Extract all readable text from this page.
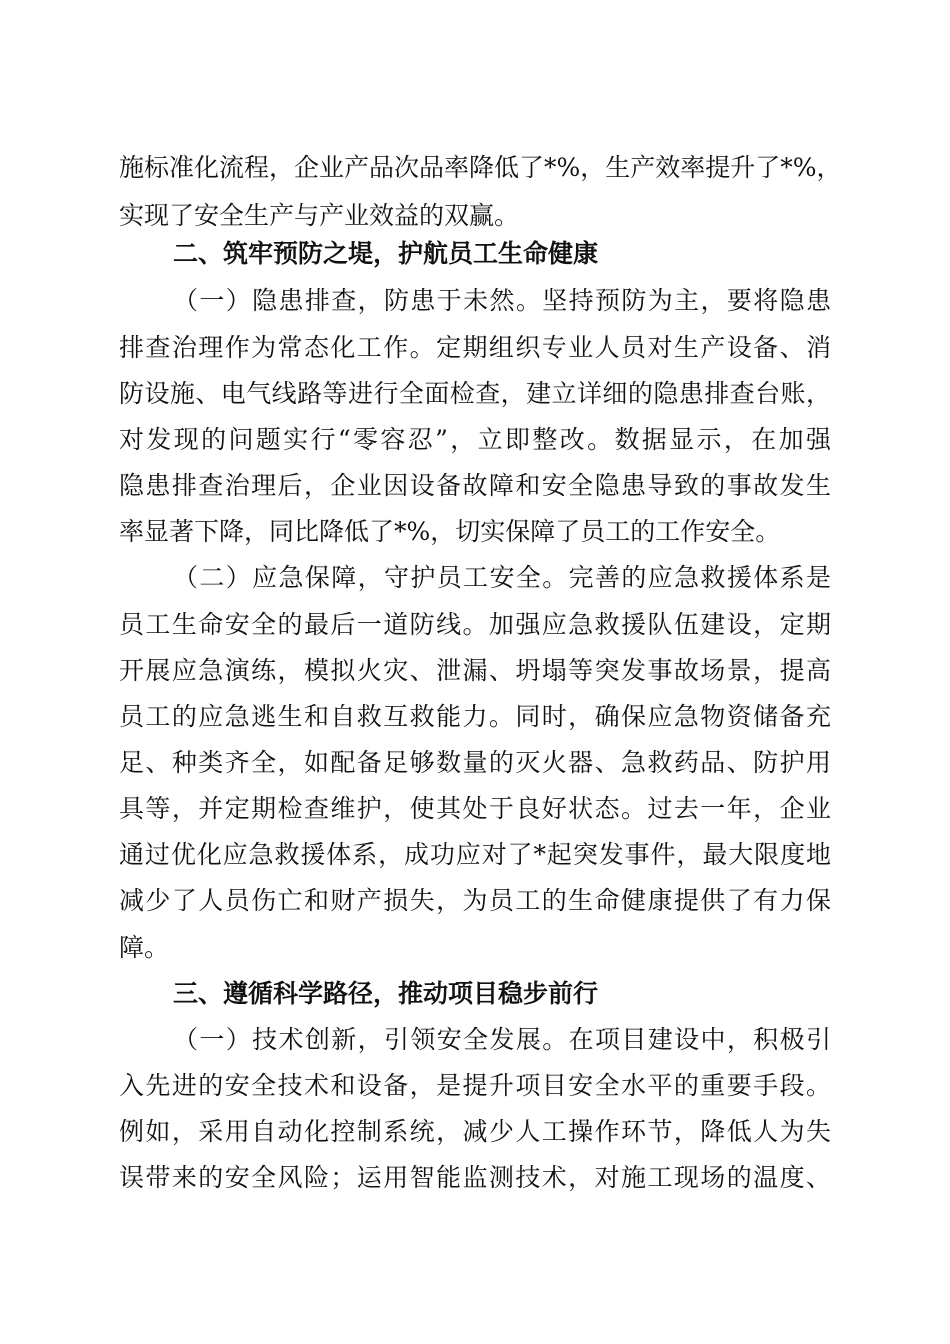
施标准化流程，企业产品次品率降低了*%，生产效率提升了*%，
实现了安全生产与产业效益的双赢。
二、筑牢预防之堤，护航员工生命健康
（一）隐患排查，防患于未然。坚持预防为主，要将隐患
排查治理作为常态化工作。定期组织专业人员对生产设备、消
防设施、电气线路等进行全面检查，建立详细的隐患排查台账，
对发现的问题实行“零容忍”，立即整改。数据显示，在加强
隐患排查治理后，企业因设备故障和安全隐患导致的事故发生
率显著下降，同比降低了*%，切实保障了员工的工作安全。
（二）应急保障，守护员工安全。完善的应急救援体系是
员工生命安全的最后一道防线。加强应急救援队伍建设，定期
开展应急演练，模拟火灾、泄漏、坍塌等突发事故场景，提高
员工的应急逃生和自救互救能力。同时，确保应急物资储备充
足、种类齐全，如配备足够数量的灭火器、急救药品、防护用
具等，并定期检查维护，使其处于良好状态。过去一年，企业
通过优化应急救援体系，成功应对了*起突发事件，最大限度地
减少了人员伤亡和财产损失，为员工的生命健康提供了有力保
障。
三、遵循科学路径，推动项目稳步前行
（一）技术创新，引领安全发展。在项目建设中，积极引
入先进的安全技术和设备，是提升项目安全水平的重要手段。
例如，采用自动化控制系统，减少人工操作环节，降低人为失
误带来的安全风险；运用智能监测技术，对施工现场的温度、
